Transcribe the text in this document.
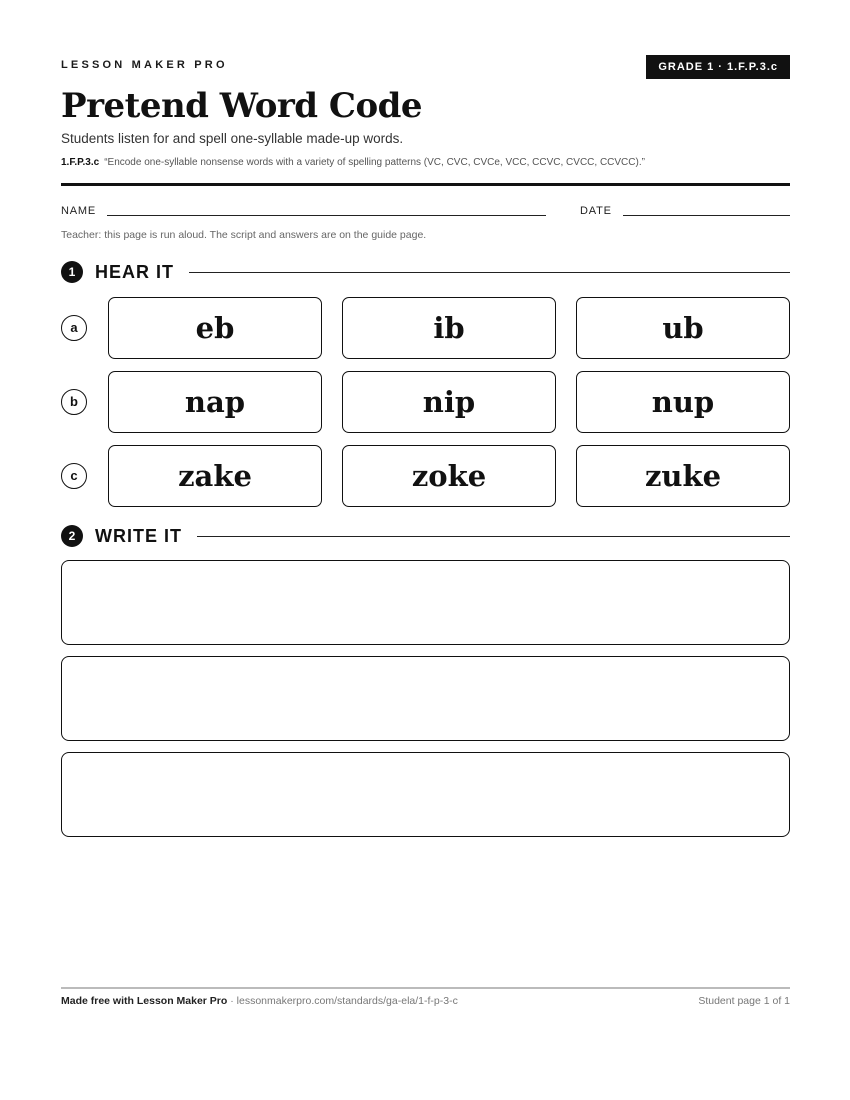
LESSON MAKER PRO	GRADE 1 · 1.F.P.3.c
Pretend Word Code
Students listen for and spell one-syllable made-up words.
1.F.P.3.c “Encode one-syllable nonsense words with a variety of spelling patterns (VC, CVC, CVCe, VCC, CCVC, CVCC, CCVCC).”
NAME	DATE
Teacher: this page is run aloud. The script and answers are on the guide page.
1	HEAR IT
a	eb	ib	ub
b	nap	nip	nup
c	zake	zoke	zuke
2	WRITE IT
Made free with Lesson Maker Pro · lessonmakerpro.com/standards/ga-ela/1-f-p-3-c	Student page 1 of 1
